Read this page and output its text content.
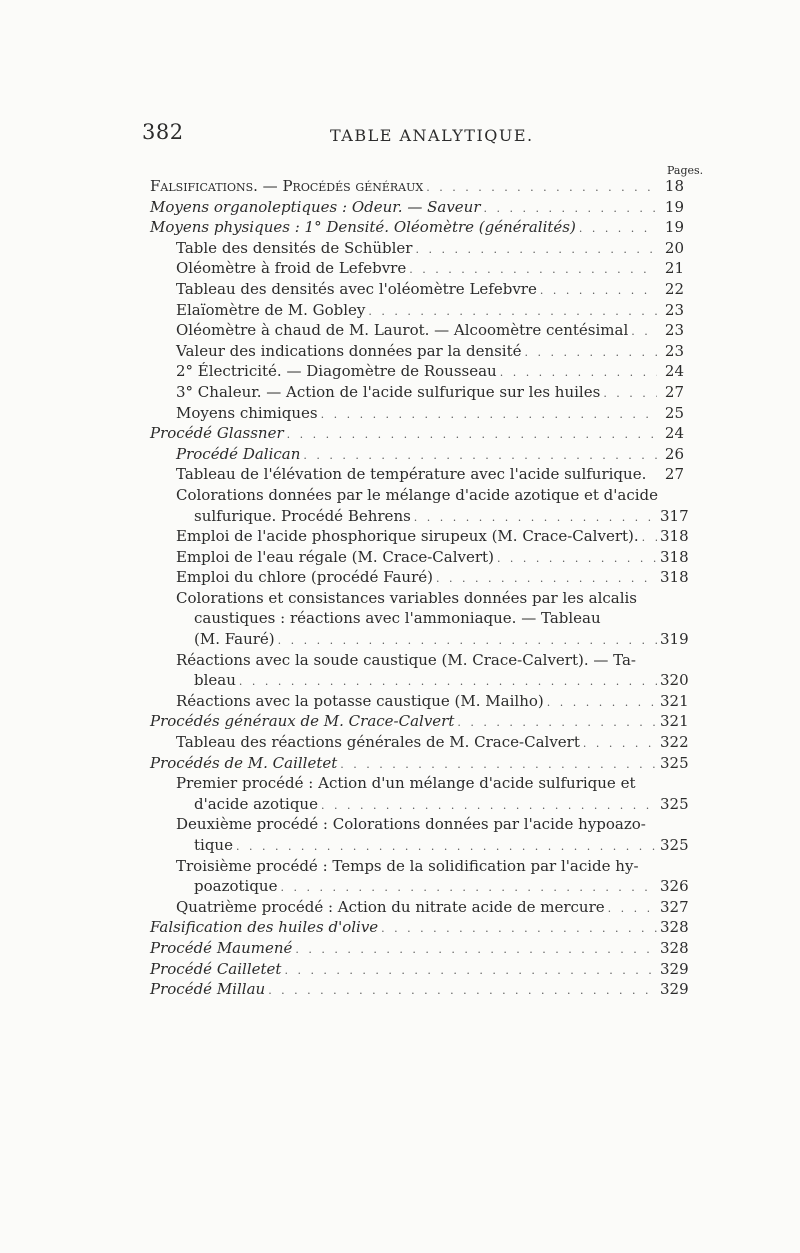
382	TABLE ANALYTIQUE.
Pages.
Falsifications. — Procédés généraux . . .	18
Moyens organoleptiques : Odeur. — Saveur . . .	19
Moyens physiques : 1° Densité. Oléomètre (généralités) . . .	19
Table des densités de Schübler . . .	20
Oléomètre à froid de Lefebvre . . .	21
Tableau des densités avec l'oléomètre Lefebvre . . .	22
Elaïomètre de M. Gobley . . .	23
Oléomètre à chaud de M. Laurot. — Alcoomètre centésimal . . .	23
Valeur des indications données par la densité . . .	23
2° Électricité. — Diagomètre de Rousseau . . .	24
3° Chaleur. — Action de l'acide sulfurique sur les huiles . . .	27
Moyens chimiques . . .	25
Procédé Glassner . . .	24
Procédé Dalican . . .	26
Tableau de l'élévation de température avec l'acide sulfurique.	27
Colorations données par le mélange d'acide azotique et d'acide
sulfurique. Procédé Behrens . . .	317
Emploi de l'acide phosphorique sirupeux (M. Crace-Calvert). . . . 318
Emploi de l'eau régale (M. Crace-Calvert) . . .	318
Emploi du chlore (procédé Fauré) . . .	318
Colorations et consistances variables données par les alcalis
caustiques : réactions avec l'ammoniaque. — Tableau
(M. Fauré) . . .	319
Réactions avec la soude caustique (M. Crace-Calvert). — Ta-
bleau . . .	320
Réactions avec la potasse caustique (M. Mailho) . . .	321
Procédés généraux de M. Crace-Calvert . . .	321
Tableau des réactions générales de M. Crace-Calvert . . .	322
Procédés de M. Cailletet . . .	325
Premier procédé : Action d'un mélange d'acide sulfurique et
d'acide azotique . . .	325
Deuxième procédé : Colorations données par l'acide hypoazo-
tique . . .	325
Troisième procédé : Temps de la solidification par l'acide hy-
poazotique . . .	326
Quatrième procédé : Action du nitrate acide de mercure . . .	327
Falsification des huiles d'olive . . .	328
Procédé Maumené . . .	328
Procédé Cailletet . . .	329
Procédé Millau . . .	329
